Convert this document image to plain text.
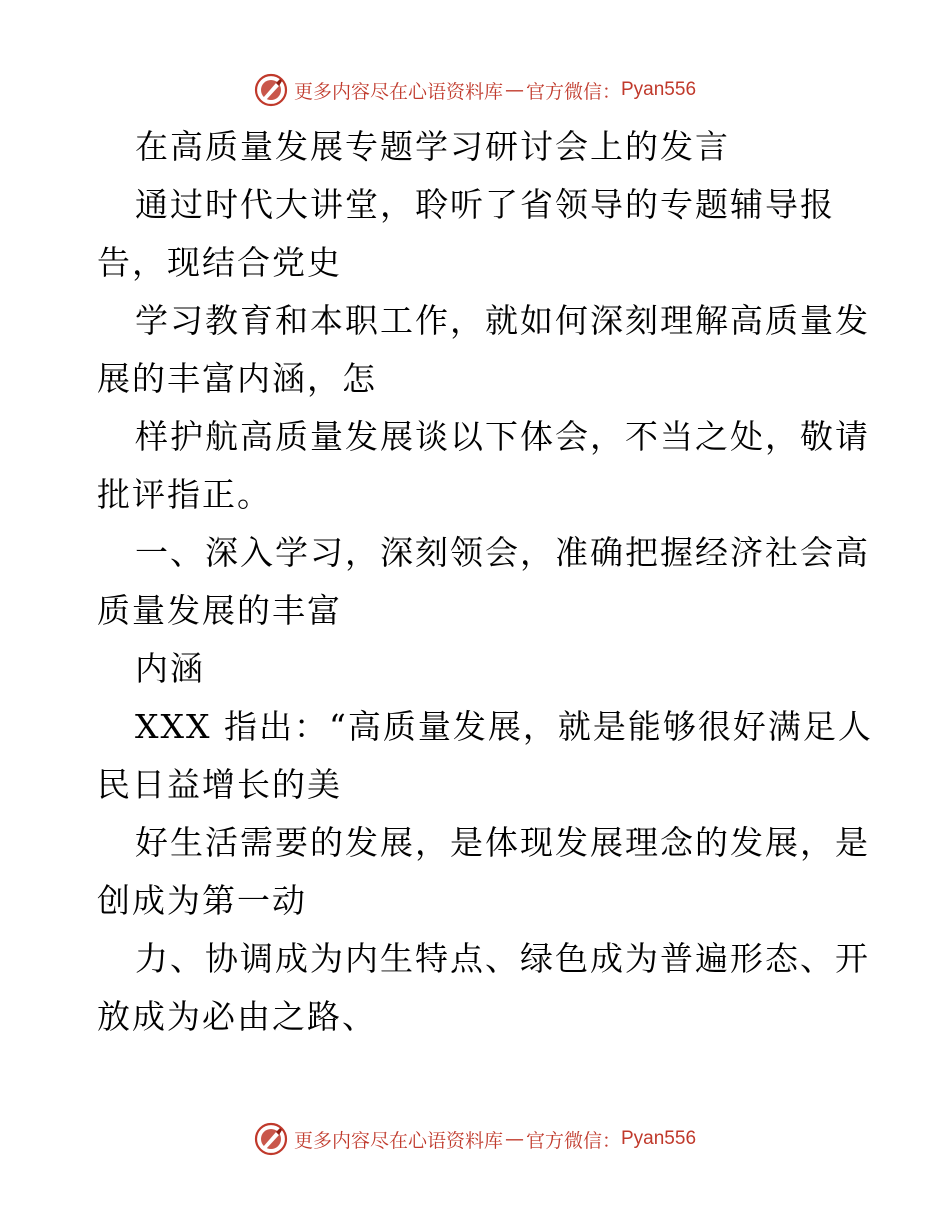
更多内容尽在心语资料库 — 官方微信： Pyan556
在高质量发展专题学习研讨会上的发言
通过时代大讲堂，聆听了省领导的专题辅导报
告，现结合党史
学习教育和本职工作，就如何深刻理解高质量发
展的丰富内涵，怎
样护航高质量发展谈以下体会，不当之处，敬请
批评指正。
一、深入学习，深刻领会，准确把握经济社会高
质量发展的丰富
内涵
XXX 指出：“高质量发展，就是能够很好满足人
民日益增长的美
好生活需要的发展，是体现发展理念的发展，是
创成为第一动
力、协调成为内生特点、绿色成为普遍形态、开
放成为必由之路、
更多内容尽在心语资料库 — 官方微信： Pyan556
